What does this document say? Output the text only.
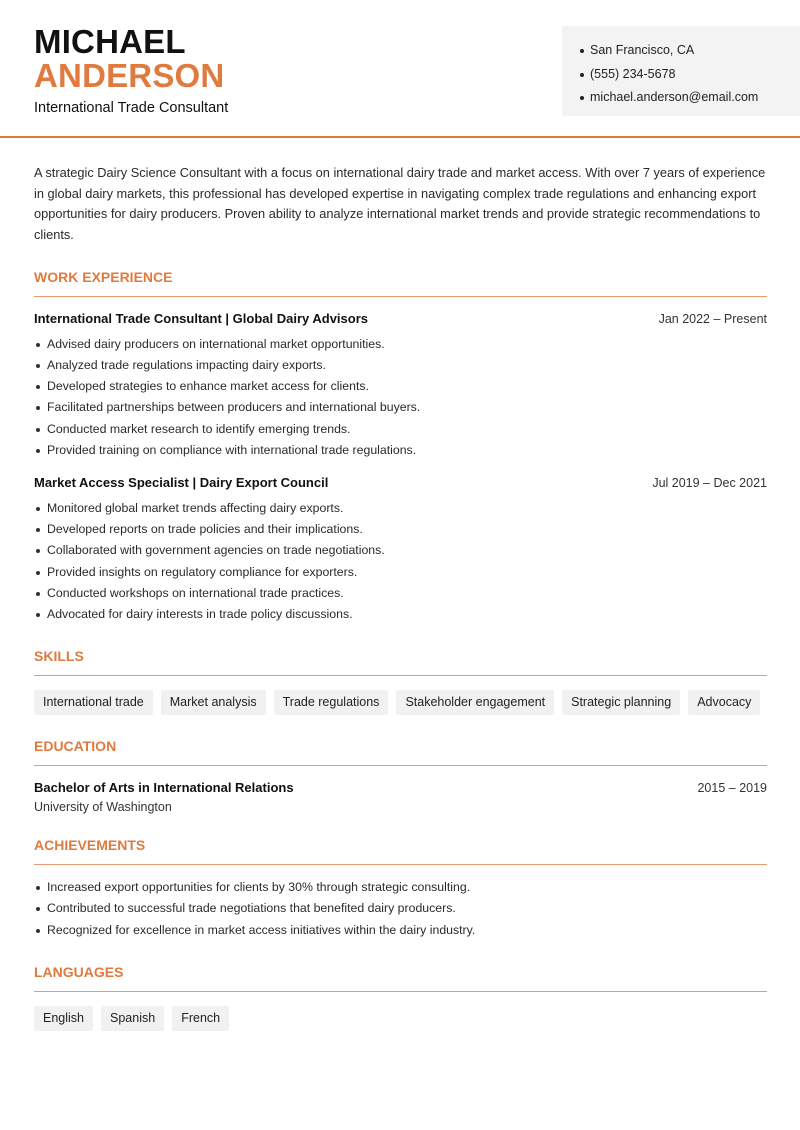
MICHAEL
ANDERSON
International Trade Consultant
San Francisco, CA
(555) 234-5678
michael.anderson@email.com

A strategic Dairy Science Consultant with a focus on international dairy trade and market access. With over 7 years of experience in global dairy markets, this professional has developed expertise in navigating complex trade regulations and enhancing export opportunities for dairy producers. Proven ability to analyze international market trends and provide strategic recommendations to clients.

WORK EXPERIENCE
International Trade Consultant | Global Dairy Advisors	Jan 2022 – Present
Advised dairy producers on international market opportunities.
Analyzed trade regulations impacting dairy exports.
Developed strategies to enhance market access for clients.
Facilitated partnerships between producers and international buyers.
Conducted market research to identify emerging trends.
Provided training on compliance with international trade regulations.
Market Access Specialist | Dairy Export Council	Jul 2019 – Dec 2021
Monitored global market trends affecting dairy exports.
Developed reports on trade policies and their implications.
Collaborated with government agencies on trade negotiations.
Provided insights on regulatory compliance for exporters.
Conducted workshops on international trade practices.
Advocated for dairy interests in trade policy discussions.
SKILLS
International trade	Market analysis	Trade regulations	Stakeholder engagement	Strategic planning	Advocacy
EDUCATION
Bachelor of Arts in International Relations	2015 – 2019
University of Washington
ACHIEVEMENTS
Increased export opportunities for clients by 30% through strategic consulting.
Contributed to successful trade negotiations that benefited dairy producers.
Recognized for excellence in market access initiatives within the dairy industry.
LANGUAGES
English	Spanish	French
